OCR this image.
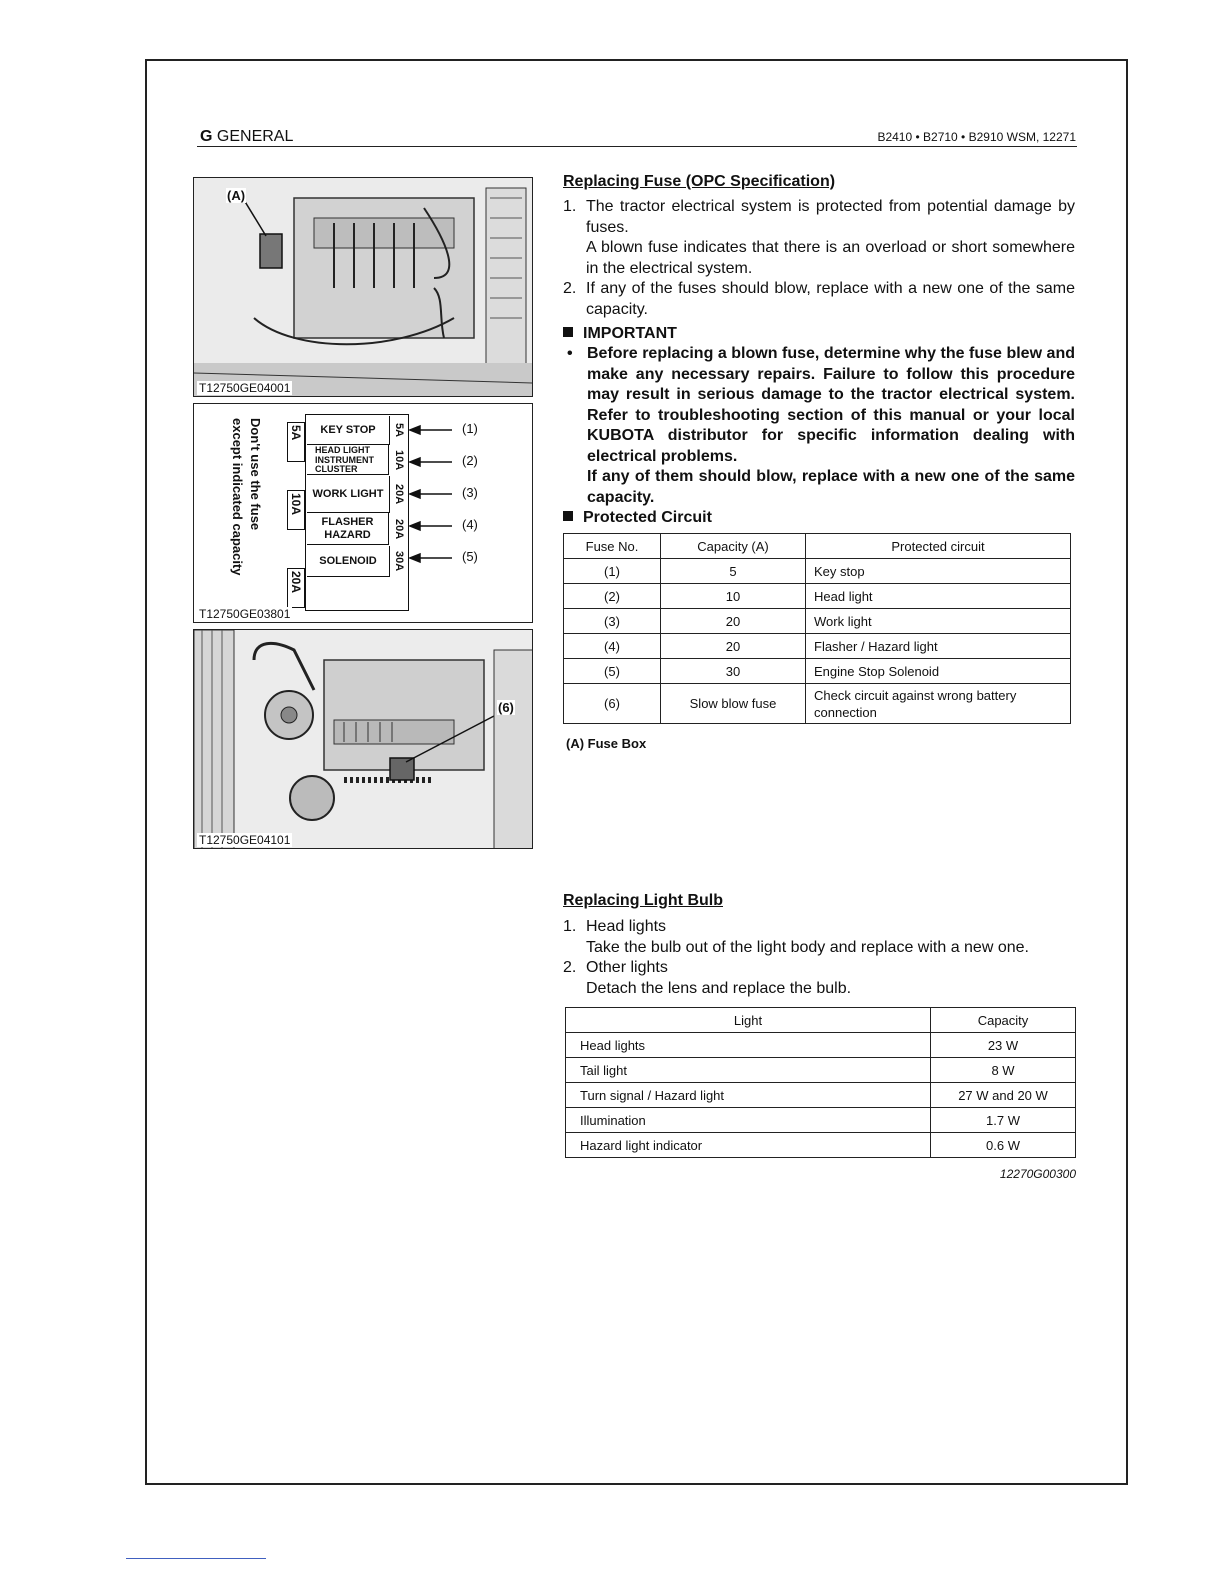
G GENERAL	B2410 • B2710 • B2910 WSM, 12271
(A)
T12750GE04001
Don't use the fuse
except indicated capacity	5A
10A
20A
KEY STOP
HEAD LIGHT
INSTRUMENT
CLUSTER
WORK LIGHT
FLASHER
HAZARD
SOLENOID
5A
10A
20A
20A
30A
(1)
(2)
(3)
(4)
(5)
T12750GE03801
(6)
T12750GE04101
Replacing Fuse (OPC Specification)
1. The tractor electrical system is protected from potential damage by fuses.
A blown fuse indicates that there is an overload or short somewhere in the electrical system.
2. If any of the fuses should blow, replace with a new one of the same capacity.
IMPORTANT
• Before replacing a blown fuse, determine why the fuse blew and make any necessary repairs. Failure to follow this procedure may result in serious damage to the tractor electrical system. Refer to troubleshooting section of this manual or your local KUBOTA distributor for specific information dealing with electrical problems.
If any of them should blow, replace with a new one of the same capacity.
Protected Circuit
Fuse No.	Capacity (A)	Protected circuit
(1)	5	Key stop
(2)	10	Head light
(3)	20	Work light
(4)	20	Flasher / Hazard light
(5)	30	Engine Stop Solenoid
(6)	Slow blow fuse	Check circuit against wrong battery connection
(A) Fuse Box
Replacing Light Bulb
1. Head lights
Take the bulb out of the light body and replace with a new one.
2. Other lights
Detach the lens and replace the bulb.
Light	Capacity
Head lights	23 W
Tail light	8 W
Turn signal / Hazard light	27 W and 20 W
Illumination	1.7 W
Hazard light indicator	0.6 W
12270G00300
